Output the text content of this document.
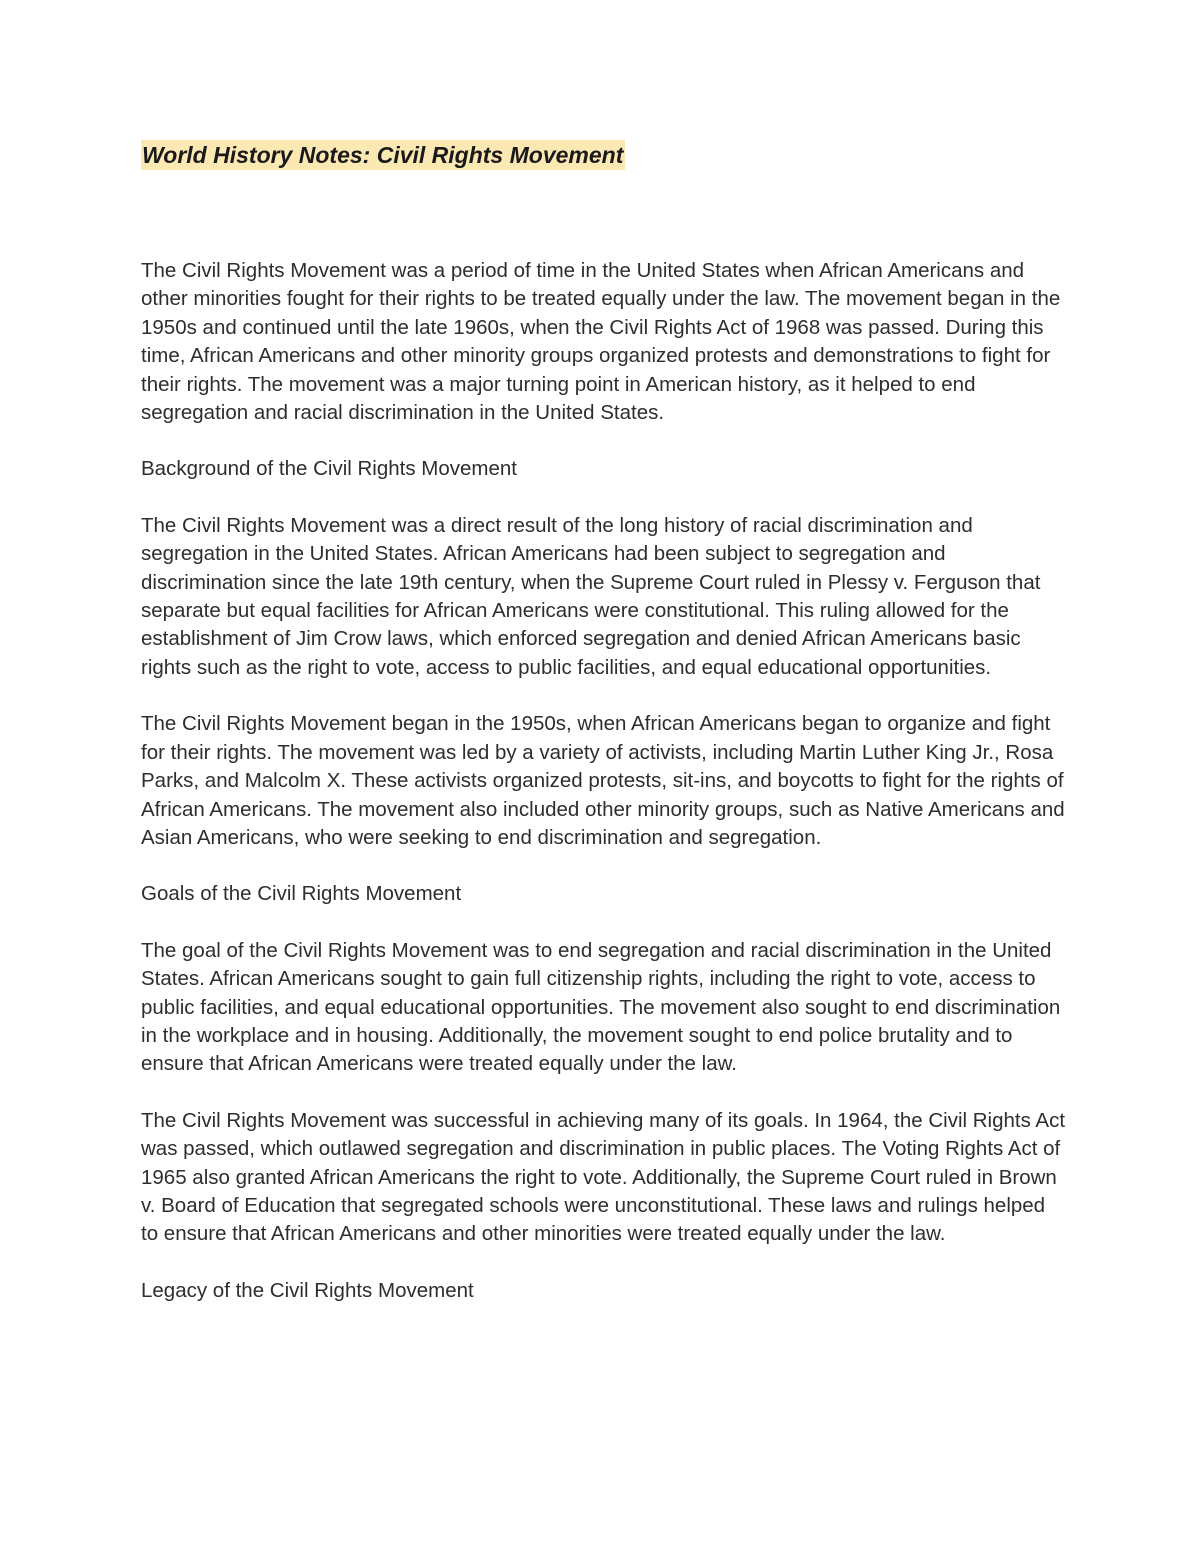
World History Notes: Civil Rights Movement

The Civil Rights Movement was a period of time in the United States when African Americans and other minorities fought for their rights to be treated equally under the law. The movement began in the 1950s and continued until the late 1960s, when the Civil Rights Act of 1968 was passed. During this time, African Americans and other minority groups organized protests and demonstrations to fight for their rights. The movement was a major turning point in American history, as it helped to end segregation and racial discrimination in the United States.

Background of the Civil Rights Movement

The Civil Rights Movement was a direct result of the long history of racial discrimination and segregation in the United States. African Americans had been subject to segregation and discrimination since the late 19th century, when the Supreme Court ruled in Plessy v. Ferguson that separate but equal facilities for African Americans were constitutional. This ruling allowed for the establishment of Jim Crow laws, which enforced segregation and denied African Americans basic rights such as the right to vote, access to public facilities, and equal educational opportunities.

The Civil Rights Movement began in the 1950s, when African Americans began to organize and fight for their rights. The movement was led by a variety of activists, including Martin Luther King Jr., Rosa Parks, and Malcolm X. These activists organized protests, sit-ins, and boycotts to fight for the rights of African Americans. The movement also included other minority groups, such as Native Americans and Asian Americans, who were seeking to end discrimination and segregation.

Goals of the Civil Rights Movement

The goal of the Civil Rights Movement was to end segregation and racial discrimination in the United States. African Americans sought to gain full citizenship rights, including the right to vote, access to public facilities, and equal educational opportunities. The movement also sought to end discrimination in the workplace and in housing. Additionally, the movement sought to end police brutality and to ensure that African Americans were treated equally under the law.

The Civil Rights Movement was successful in achieving many of its goals. In 1964, the Civil Rights Act was passed, which outlawed segregation and discrimination in public places. The Voting Rights Act of 1965 also granted African Americans the right to vote. Additionally, the Supreme Court ruled in Brown v. Board of Education that segregated schools were unconstitutional. These laws and rulings helped to ensure that African Americans and other minorities were treated equally under the law.

Legacy of the Civil Rights Movement
